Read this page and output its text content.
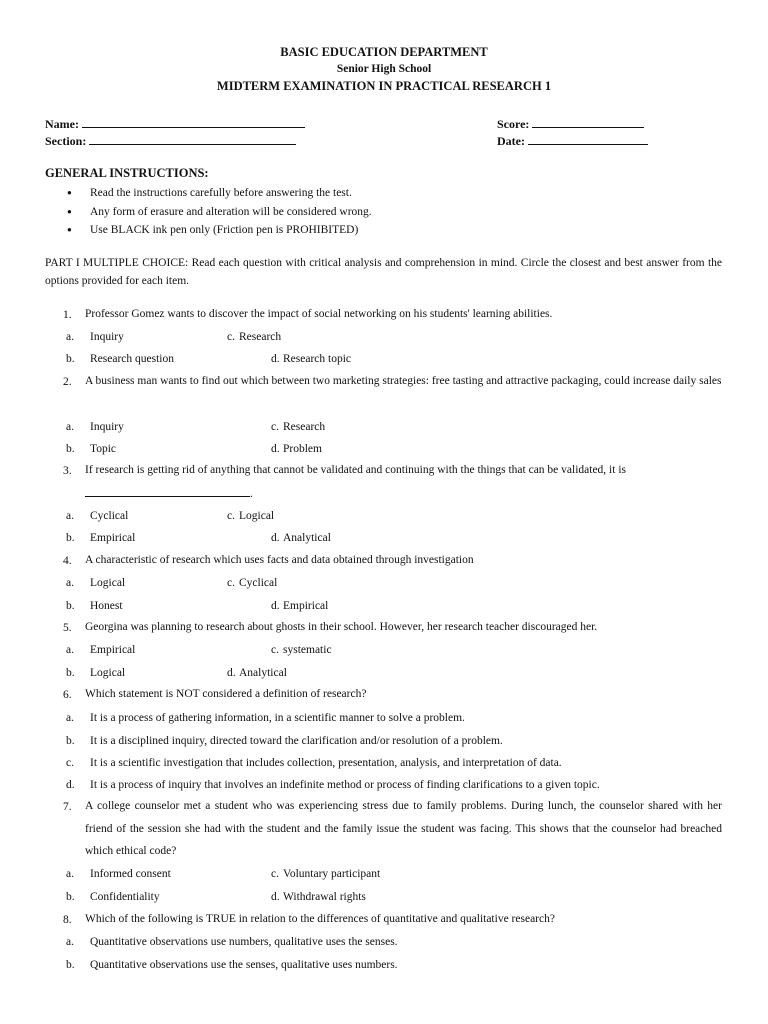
BASIC EDUCATION DEPARTMENT
Senior High School
MIDTERM EXAMINATION IN PRACTICAL RESEARCH 1
Name:
Section:
Score:
Date:
GENERAL INSTRUCTIONS:
● Read the instructions carefully before answering the test.
● Any form of erasure and alteration will be considered wrong.
● Use BLACK ink pen only (Friction pen is PROHIBITED)
PART I MULTIPLE CHOICE: Read each question with critical analysis and comprehension in mind. Circle the closest and best answer from the options provided for each item.
1. Professor Gomez wants to discover the impact of social networking on his students' learning abilities.
a. Inquiry	c. Research
b. Research question	d. Research topic
2. A business man wants to find out which between two marketing strategies: free tasting and attractive packaging, could increase daily sales
a. Inquiry	c. Research
b. Topic	d. Problem
3. If research is getting rid of anything that cannot be validated and continuing with the things that can be validated, it is
.
a. Cyclical	c. Logical
b. Empirical	d. Analytical
4. A characteristic of research which uses facts and data obtained through investigation
a. Logical	c. Cyclical
b. Honest	d. Empirical
5. Georgina was planning to research about ghosts in their school. However, her research teacher discouraged her.
a. Empirical	c. systematic
b. Logical	d. Analytical
6. Which statement is NOT considered a definition of research?
a. It is a process of gathering information, in a scientific manner to solve a problem.
b. It is a disciplined inquiry, directed toward the clarification and/or resolution of a problem.
c. It is a scientific investigation that includes collection, presentation, analysis, and interpretation of data.
d. It is a process of inquiry that involves an indefinite method or process of finding clarifications to a given topic.
7. A college counselor met a student who was experiencing stress due to family problems. During lunch, the counselor shared with her friend of the session she had with the student and the family issue the student was facing. This shows that the counselor had breached which ethical code?
a. Informed consent	c. Voluntary participant
b. Confidentiality	d. Withdrawal rights
8. Which of the following is TRUE in relation to the differences of quantitative and qualitative research?
a. Quantitative observations use numbers, qualitative uses the senses.
b. Quantitative observations use the senses, qualitative uses numbers.
